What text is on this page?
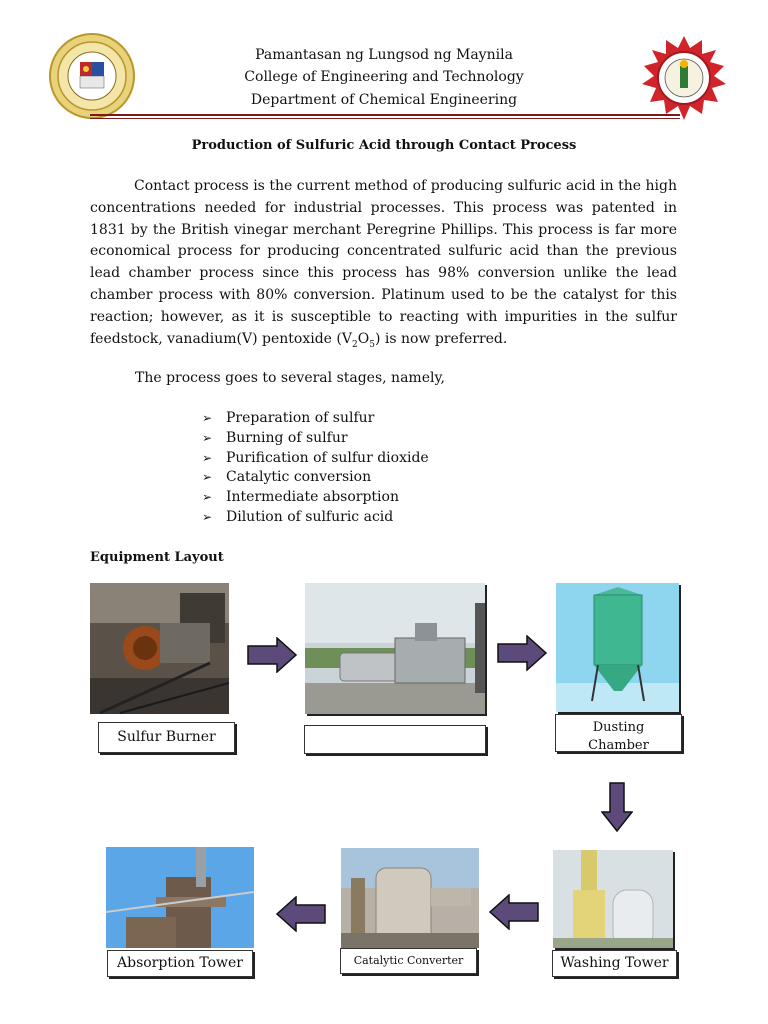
Pamantasan ng Lungsod ng Maynila
College of Engineering and Technology
Department of Chemical Engineering
Production of Sulfuric Acid through Contact Process
Contact process is the current method of producing sulfuric acid in the high concentrations needed for industrial processes. This process was patented in 1831 by the British vinegar merchant Peregrine Phillips. This process is far more economical process for producing concentrated sulfuric acid than the previous lead chamber process since this process has 98% conversion unlike the lead chamber process with 80% conversion. Platinum used to be the catalyst for this reaction; however, as it is susceptible to reacting with impurities in the sulfur feedstock, vanadium(V) pentoxide $(V_2O_5)$ is now preferred.
The process goes to several stages, namely,
➢ Preparation of sulfur
➢ Burning of sulfur
➢ Purification of sulfur dioxide
➢ Catalytic conversion
➢ Intermediate absorption
➢ Dilution of sulfuric acid
Equipment Layout
Sulfur Burner
Dusting Chamber
Absorption Tower	Catalytic Converter	Washing Tower
